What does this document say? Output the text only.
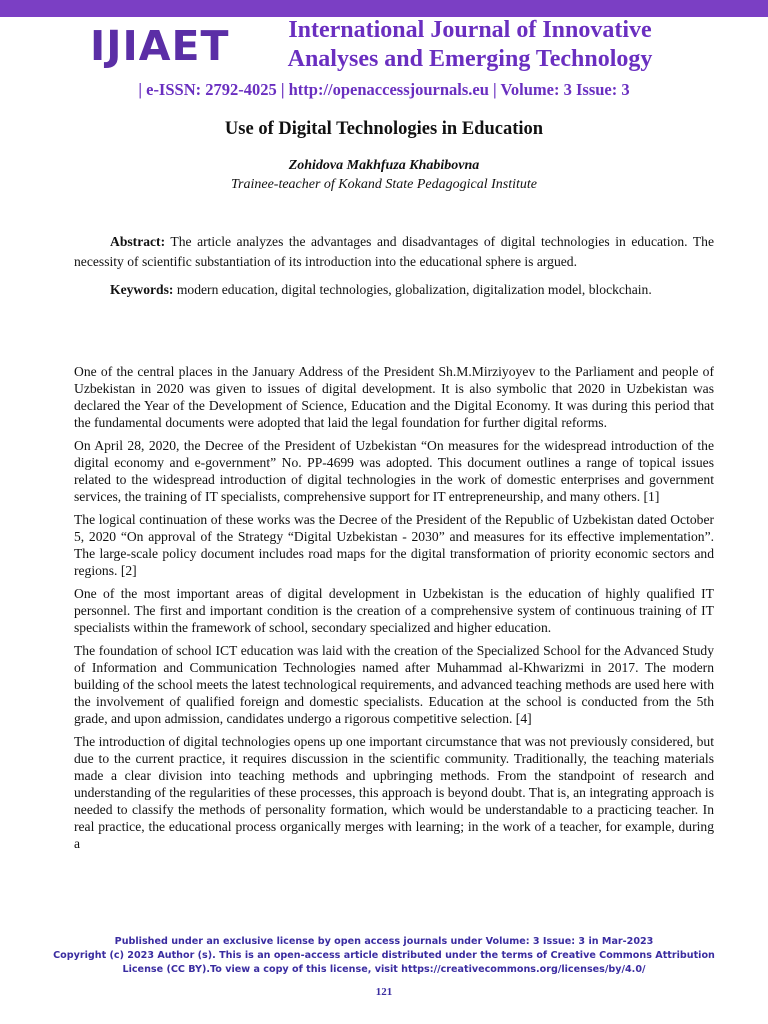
IJIAET	International Journal of Innovative
Analyses and Emerging Technology
| e-ISSN: 2792-4025 | http://openaccessjournals.eu | Volume: 3 Issue: 3
Use of Digital Technologies in Education
Zohidova Makhfuza Khabibovna
Trainee-teacher of Kokand State Pedagogical Institute

Abstract: The article analyzes the advantages and disadvantages of digital technologies in education. The necessity of scientific substantiation of its introduction into the educational sphere is argued.

Keywords: modern education, digital technologies, globalization, digitalization model, blockchain.

One of the central places in the January Address of the President Sh.M.Mirziyoyev to the Parliament and people of Uzbekistan in 2020 was given to issues of digital development. It is also symbolic that 2020 in Uzbekistan was declared the Year of the Development of Science, Education and the Digital Economy. It was during this period that the fundamental documents were adopted that laid the legal foundation for further digital reforms.

On April 28, 2020, the Decree of the President of Uzbekistan “On measures for the widespread introduction of the digital economy and e-government” No. PP-4699 was adopted. This document outlines a range of topical issues related to the widespread introduction of digital technologies in the work of domestic enterprises and government services, the training of IT specialists, comprehensive support for IT entrepreneurship, and many others. [1]

The logical continuation of these works was the Decree of the President of the Republic of Uzbekistan dated October 5, 2020 “On approval of the Strategy “Digital Uzbekistan - 2030” and measures for its effective implementation”. The large-scale policy document includes road maps for the digital transformation of priority economic sectors and regions. [2]

One of the most important areas of digital development in Uzbekistan is the education of highly qualified IT personnel. The first and important condition is the creation of a comprehensive system of continuous training of IT specialists within the framework of school, secondary specialized and higher education.

The foundation of school ICT education was laid with the creation of the Specialized School for the Advanced Study of Information and Communication Technologies named after Muhammad al-Khwarizmi in 2017. The modern building of the school meets the latest technological requirements, and advanced teaching methods are used here with the involvement of qualified foreign and domestic specialists. Education at the school is conducted from the 5th grade, and upon admission, candidates undergo a rigorous competitive selection. [4]

The introduction of digital technologies opens up one important circumstance that was not previously considered, but due to the current practice, it requires discussion in the scientific community. Traditionally, the teaching materials made a clear division into teaching methods and upbringing methods. From the standpoint of research and understanding of the regularities of these processes, this approach is beyond doubt. That is, an integrating approach is needed to classify the methods of personality formation, which would be understandable to a practicing teacher. In real practice, the educational process organically merges with learning; in the work of a teacher, for example, during a

Published under an exclusive license by open access journals under Volume: 3 Issue: 3 in Mar-2023
Copyright (c) 2023 Author (s). This is an open-access article distributed under the terms of Creative Commons Attribution License (CC BY).To view a copy of this license, visit https://creativecommons.org/licenses/by/4.0/
121
